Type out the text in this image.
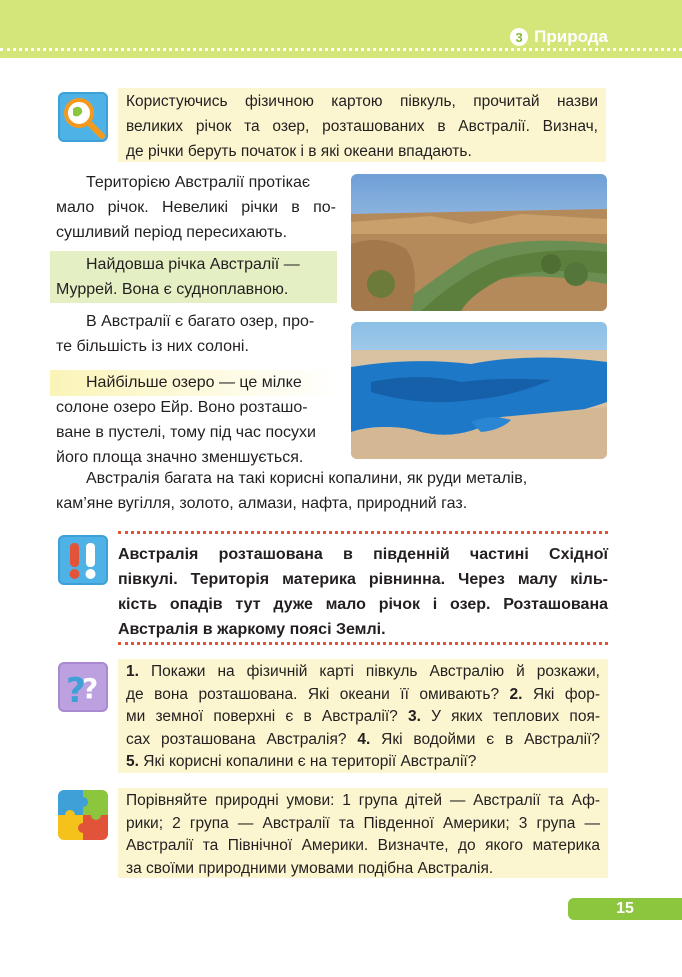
3 Природа
Користуючись фізичною картою півкуль, прочитай назви
великих річок та озер, розташованих в Австралії. Визнач,
де річки беруть початок і в які океани впадають.
Територією Австралії протікає
мало річок. Невеликі річки в по-
сушливий період пересихають.
Найдовша річка Австралії —
Муррей. Вона є судноплавною.
В Австралії є багато озер, про-
те більшість із них солоні.
Найбільше озеро — це мілке
солоне озеро Ейр. Воно розташо-
ване в пустелі, тому під час посухи
його площа значно зменшується.
Австралія багата на такі корисні копалини, як руди металів,
кам’яне вугілля, золото, алмази, нафта, природний газ.
Австралія розташована в південній частині Східної
півкулі. Територія материка рівнинна. Через малу кіль-
кість опадів тут дуже мало річок і озер. Розташована
Австралія в жаркому поясі Землі.
?
?
1. Покажи на фізичній карті півкуль Австралію й розкажи,
де вона розташована. Які океани її омивають? 2. Які фор-
ми земної поверхні є в Австралії? 3. У яких теплових поя-
сах розташована Австралія? 4. Які водойми є в Австралії?
5. Які корисні копалини є на території Австралії?
Порівняйте природні умови: 1 група дітей — Австралії та Аф-
рики; 2 група — Австралії та Південної Америки; 3 група —
Австралії та Північної Америки. Визначте, до якого материка
за своїми природними умовами подібна Австралія.
15
